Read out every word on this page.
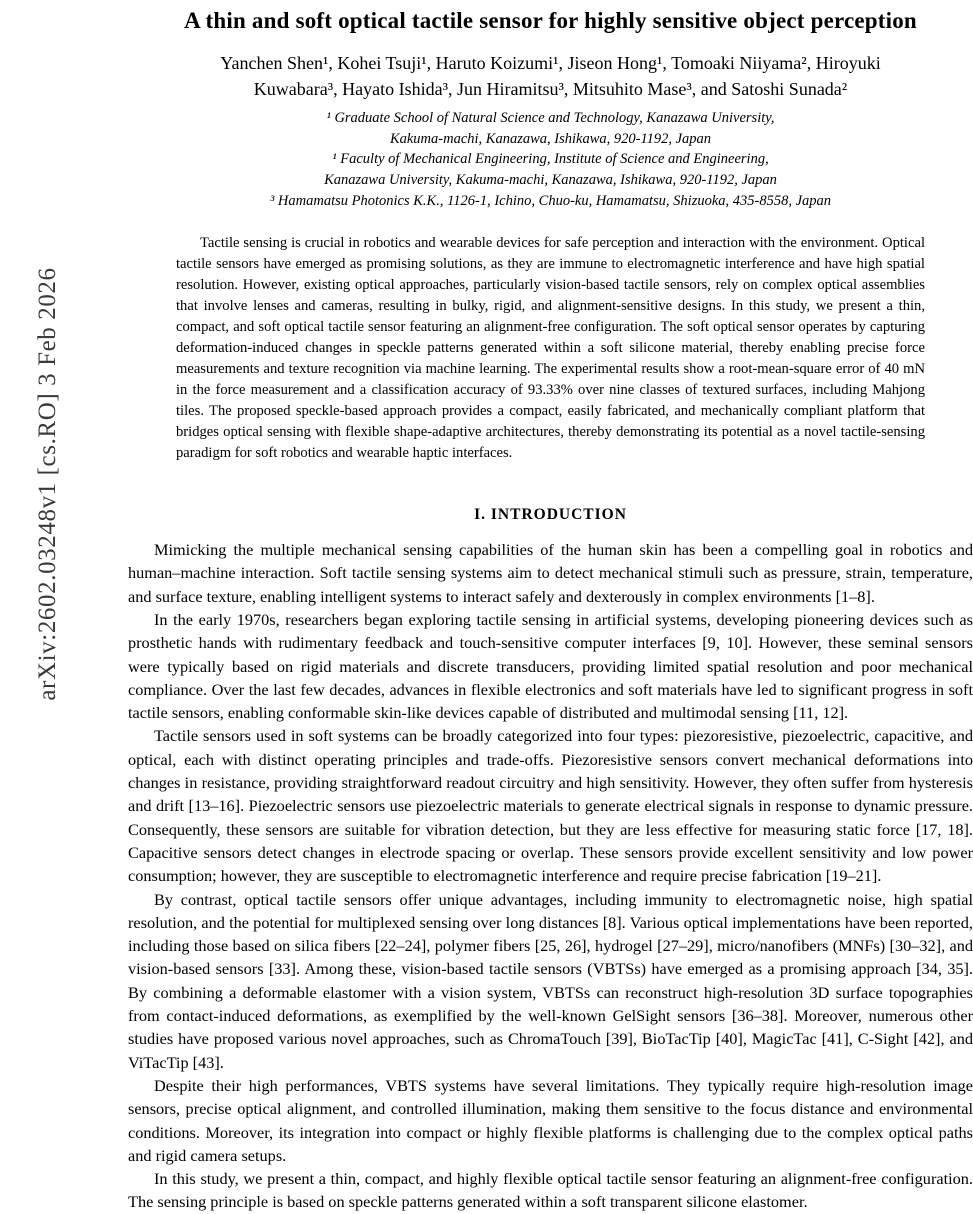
arXiv:2602.03248v1 [cs.RO] 3 Feb 2026
A thin and soft optical tactile sensor for highly sensitive object perception
Yanchen Shen¹, Kohei Tsuji¹, Haruto Koizumi¹, Jiseon Hong¹, Tomoaki Niiyama², Hiroyuki
Kuwabara³, Hayato Ishida³, Jun Hiramitsu³, Mitsuhito Mase³, and Satoshi Sunada²
¹ Graduate School of Natural Science and Technology, Kanazawa University,
Kakuma-machi, Kanazawa, Ishikawa, 920-1192, Japan
¹ Faculty of Mechanical Engineering, Institute of Science and Engineering,
Kanazawa University, Kakuma-machi, Kanazawa, Ishikawa, 920-1192, Japan
³ Hamamatsu Photonics K.K., 1126-1, Ichino, Chuo-ku, Hamamatsu, Shizuoka, 435-8558, Japan
Tactile sensing is crucial in robotics and wearable devices for safe perception and interaction with the environment. Optical tactile sensors have emerged as promising solutions, as they are immune to electromagnetic interference and have high spatial resolution. However, existing optical approaches, particularly vision-based tactile sensors, rely on complex optical assemblies that involve lenses and cameras, resulting in bulky, rigid, and alignment-sensitive designs. In this study, we present a thin, compact, and soft optical tactile sensor featuring an alignment-free configuration. The soft optical sensor operates by capturing deformation-induced changes in speckle patterns generated within a soft silicone material, thereby enabling precise force measurements and texture recognition via machine learning. The experimental results show a root-mean-square error of 40 mN in the force measurement and a classification accuracy of 93.33% over nine classes of textured surfaces, including Mahjong tiles. The proposed speckle-based approach provides a compact, easily fabricated, and mechanically compliant platform that bridges optical sensing with flexible shape-adaptive architectures, thereby demonstrating its potential as a novel tactile-sensing paradigm for soft robotics and wearable haptic interfaces.
I. INTRODUCTION

Mimicking the multiple mechanical sensing capabilities of the human skin has been a compelling goal in robotics and human–machine interaction. Soft tactile sensing systems aim to detect mechanical stimuli such as pressure, strain, temperature, and surface texture, enabling intelligent systems to interact safely and dexterously in complex environments [1–8].

In the early 1970s, researchers began exploring tactile sensing in artificial systems, developing pioneering devices such as prosthetic hands with rudimentary feedback and touch-sensitive computer interfaces [9, 10]. However, these seminal sensors were typically based on rigid materials and discrete transducers, providing limited spatial resolution and poor mechanical compliance. Over the last few decades, advances in flexible electronics and soft materials have led to significant progress in soft tactile sensors, enabling conformable skin-like devices capable of distributed and multimodal sensing [11, 12].

Tactile sensors used in soft systems can be broadly categorized into four types: piezoresistive, piezoelectric, capacitive, and optical, each with distinct operating principles and trade-offs. Piezoresistive sensors convert mechanical deformations into changes in resistance, providing straightforward readout circuitry and high sensitivity. However, they often suffer from hysteresis and drift [13–16]. Piezoelectric sensors use piezoelectric materials to generate electrical signals in response to dynamic pressure. Consequently, these sensors are suitable for vibration detection, but they are less effective for measuring static force [17, 18]. Capacitive sensors detect changes in electrode spacing or overlap. These sensors provide excellent sensitivity and low power consumption; however, they are susceptible to electromagnetic interference and require precise fabrication [19–21].

By contrast, optical tactile sensors offer unique advantages, including immunity to electromagnetic noise, high spatial resolution, and the potential for multiplexed sensing over long distances [8]. Various optical implementations have been reported, including those based on silica fibers [22–24], polymer fibers [25, 26], hydrogel [27–29], micro/nanofibers (MNFs) [30–32], and vision-based sensors [33]. Among these, vision-based tactile sensors (VBTSs) have emerged as a promising approach [34, 35]. By combining a deformable elastomer with a vision system, VBTSs can reconstruct high-resolution 3D surface topographies from contact-induced deformations, as exemplified by the well-known GelSight sensors [36–38]. Moreover, numerous other studies have proposed various novel approaches, such as ChromaTouch [39], BioTacTip [40], MagicTac [41], C-Sight [42], and ViTacTip [43].

Despite their high performances, VBTS systems have several limitations. They typically require high-resolution image sensors, precise optical alignment, and controlled illumination, making them sensitive to the focus distance and environmental conditions. Moreover, its integration into compact or highly flexible platforms is challenging due to the complex optical paths and rigid camera setups.

In this study, we present a thin, compact, and highly flexible optical tactile sensor featuring an alignment-free configuration. The sensing principle is based on speckle patterns generated within a soft transparent silicone elastomer.
